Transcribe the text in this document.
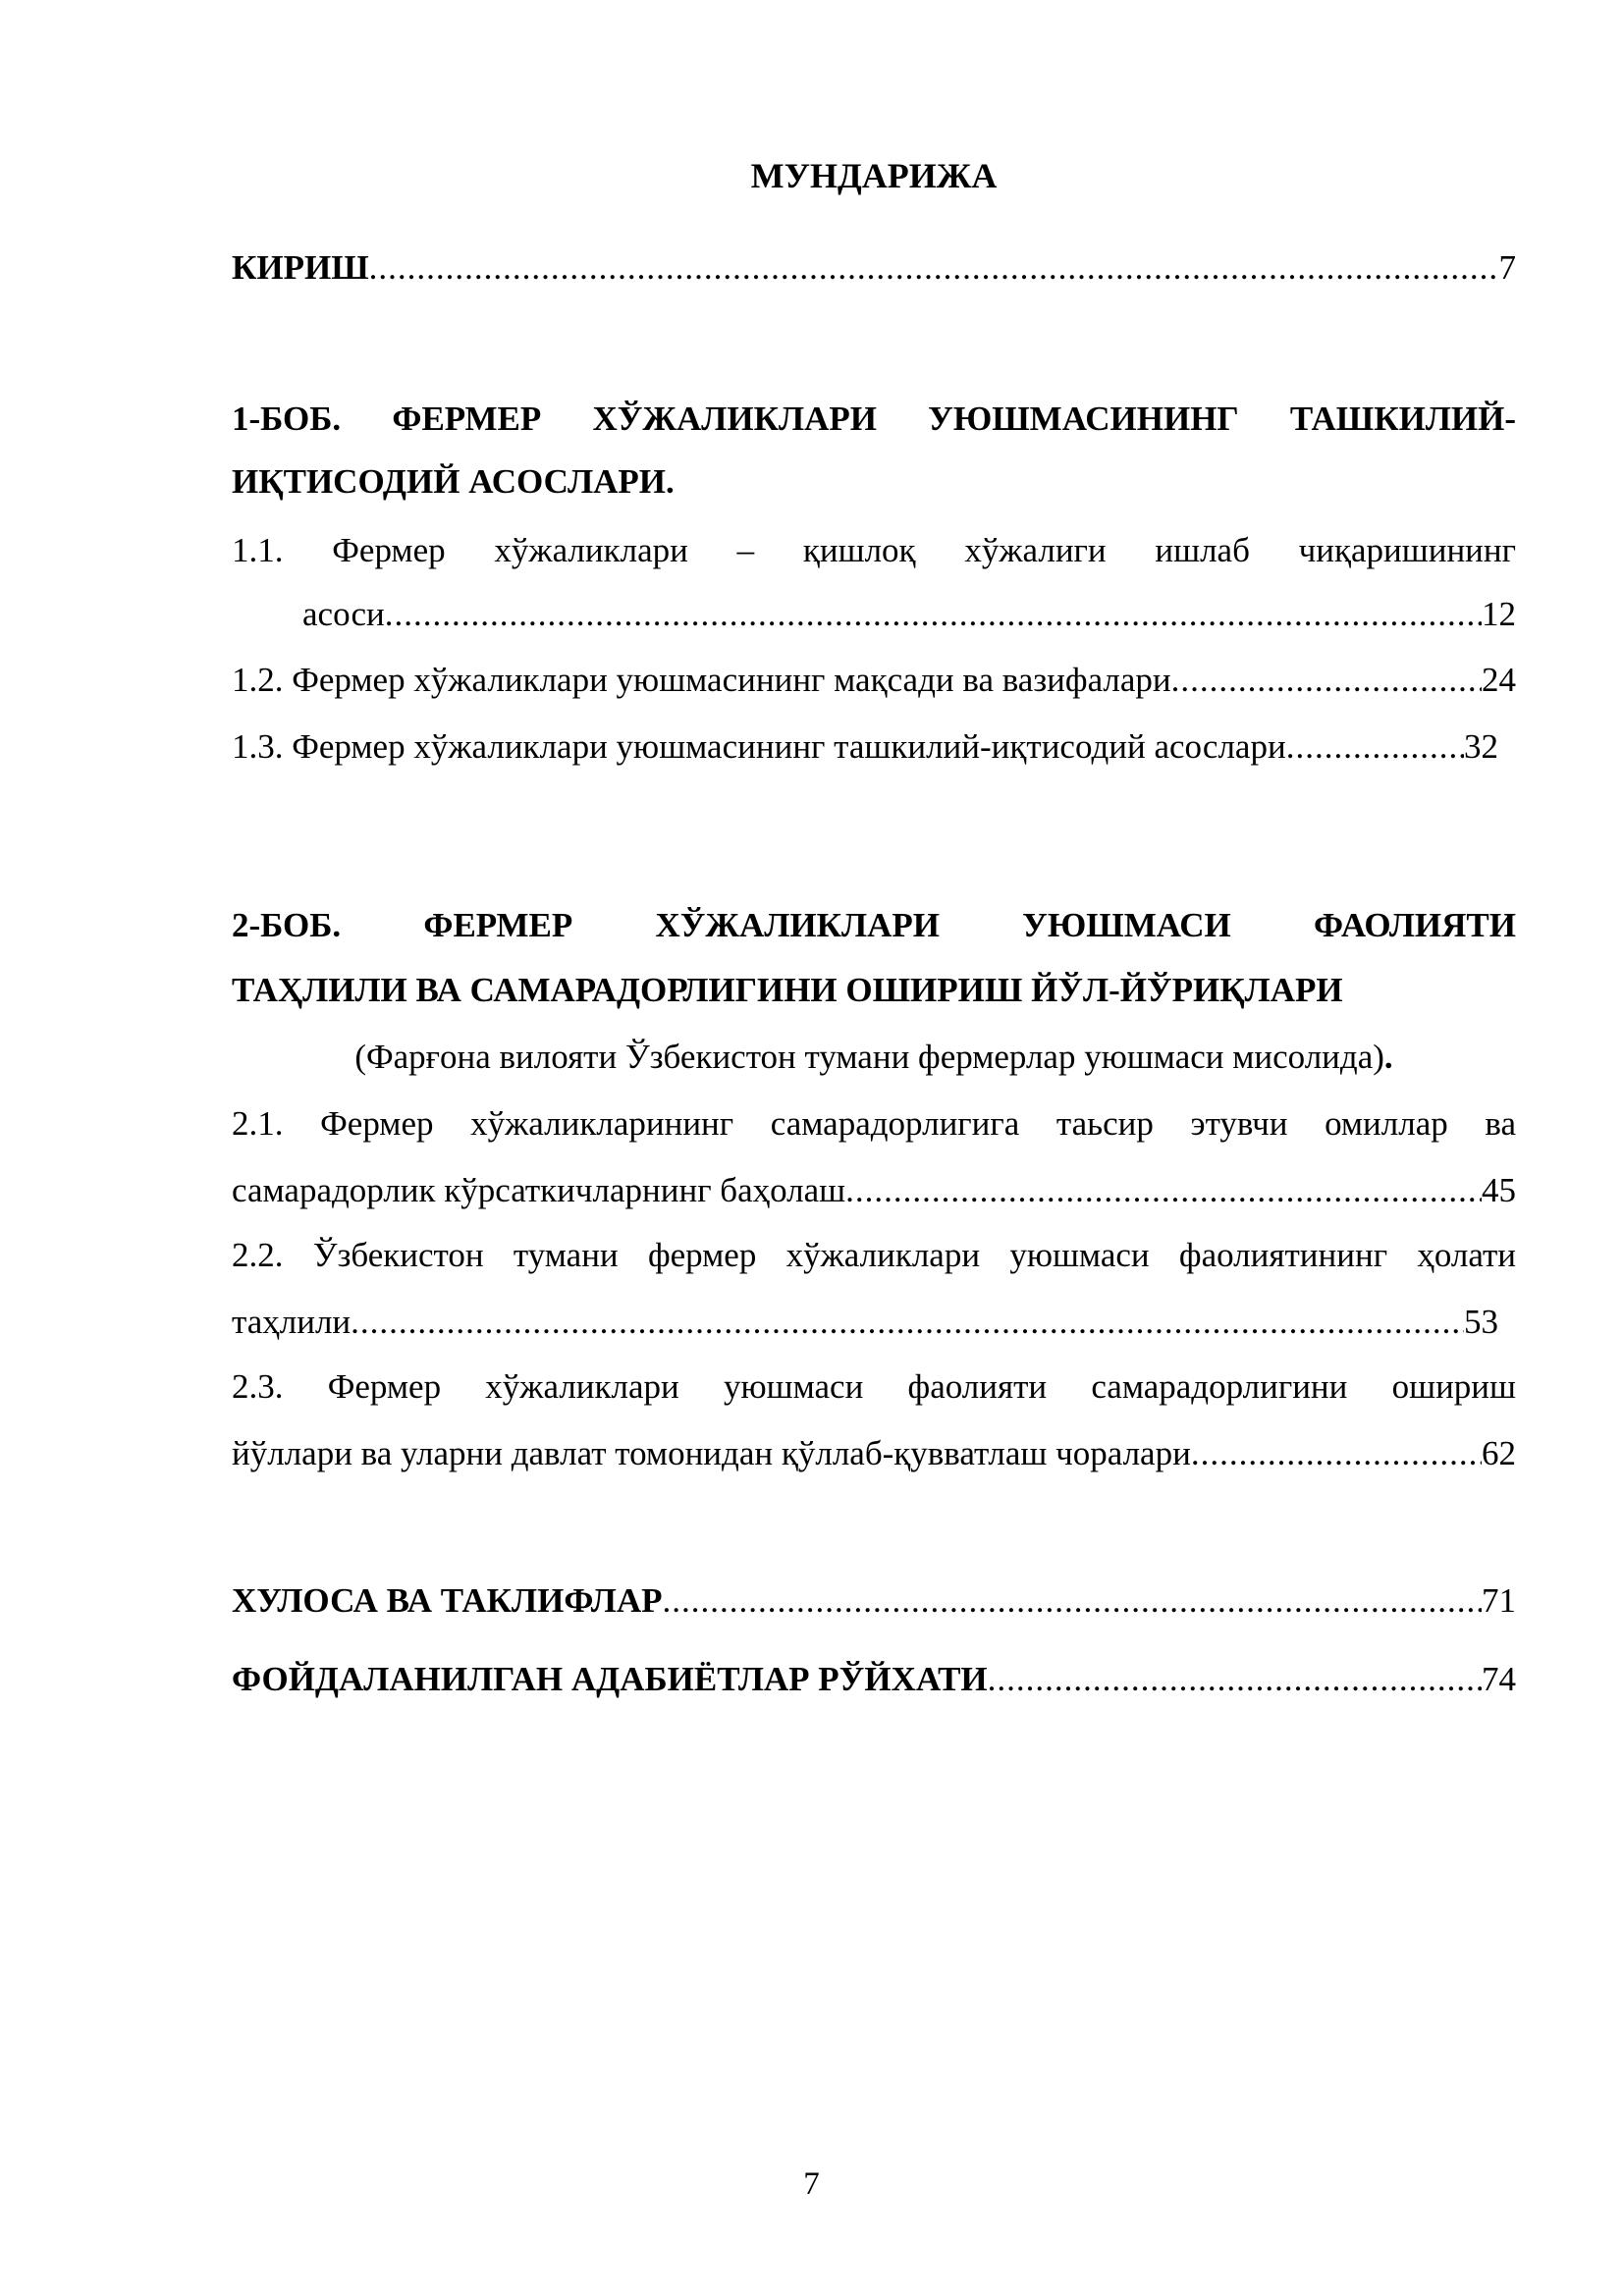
МУНДАРИЖА
КИРИШ .....	7
1-БОБ. ФЕРМЕР ХЎЖАЛИКЛАРИ УЮШМАСИНИНГ ТАШКИЛИЙ-
ИҚТИСОДИЙ АСОСЛАРИ.
1.1. Фермер хўжаликлари – қишлоқ хўжалиги ишлаб чиқаришининг
асоси .....	12
1.2. Фермер хўжаликлари уюшмасининг мақсади ва вазифалари .....	24
1.3. Фермер хўжаликлари уюшмасининг ташкилий-иқтисодий асослари .....	32
2-БОБ. ФЕРМЕР ХЎЖАЛИКЛАРИ УЮШМАСИ ФАОЛИЯТИ
ТАҲЛИЛИ ВА САМАРАДОРЛИГИНИ ОШИРИШ ЙЎЛ-ЙЎРИҚЛАРИ
(Фарғона вилояти Ўзбекистон тумани фермерлар уюшмаси мисолида).
2.1. Фермер хўжаликларининг самарадорлигига таьсир этувчи омиллар ва
самарадорлик кўрсаткичларнинг баҳолаш .....	45
2.2. Ўзбекистон тумани фермер хўжаликлари уюшмаси фаолиятининг ҳолати
таҳлили .....	53
2.3. Фермер хўжаликлари уюшмаси фаолияти самарадорлигини ошириш
йўллари ва уларни давлат томонидан қўллаб-қувватлаш чоралари .....	62
ХУЛОСА ВА ТАКЛИФЛАР .....	71
ФОЙДАЛАНИЛГАН АДАБИЁТЛАР РЎЙХАТИ .....	74
7
